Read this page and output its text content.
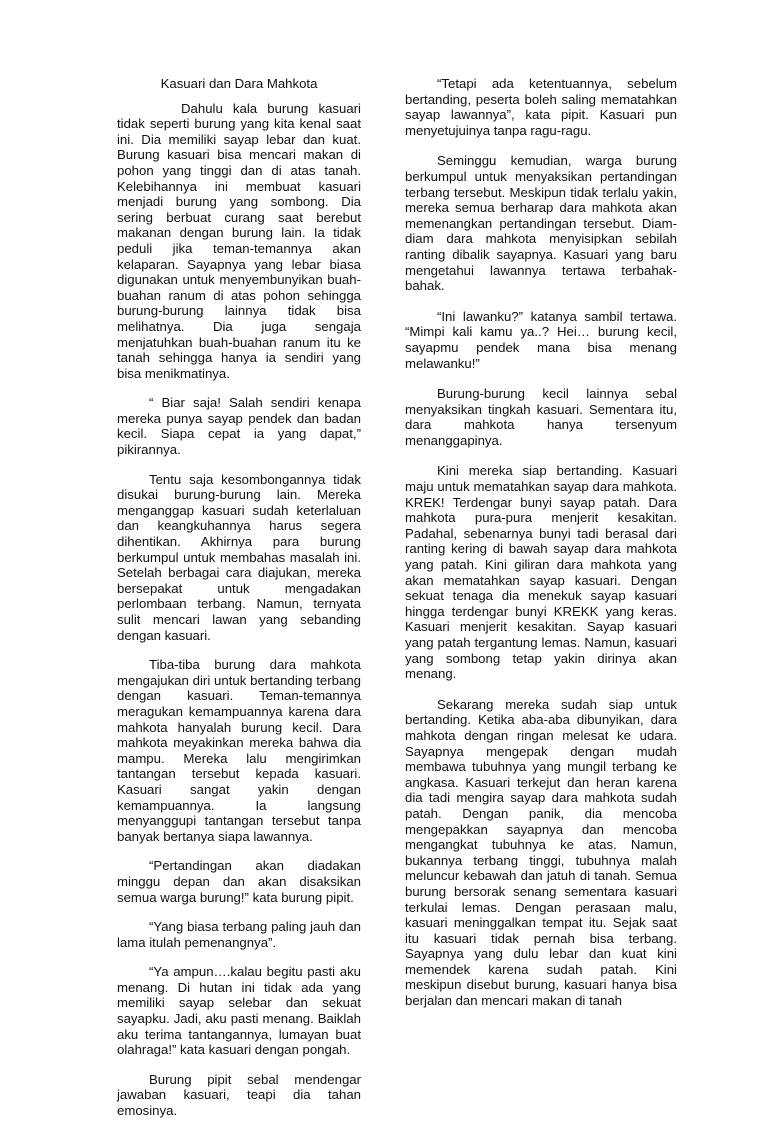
Kasuari dan Dara Mahkota

Dahulu kala burung kasuari tidak seperti burung yang kita kenal saat ini. Dia memiliki sayap lebar dan kuat. Burung kasuari bisa mencari makan di pohon yang tinggi dan di atas tanah. Kelebihannya ini membuat kasuari menjadi burung yang sombong. Dia sering berbuat curang saat berebut makanan dengan burung lain. Ia tidak peduli jika teman-temannya akan kelaparan. Sayapnya yang lebar biasa digunakan untuk menyembunyikan buah-buahan ranum di atas pohon sehingga burung-burung lainnya tidak bisa melihatnya. Dia juga sengaja menjatuhkan buah-buahan ranum itu ke tanah sehingga hanya ia sendiri yang bisa menikmatinya.

“ Biar saja! Salah sendiri kenapa mereka punya sayap pendek dan badan kecil. Siapa cepat ia yang dapat,” pikirannya.

Tentu saja kesombongannya tidak disukai burung-burung lain. Mereka menganggap kasuari sudah keterlaluan dan keangkuhannya harus segera dihentikan. Akhirnya para burung berkumpul untuk membahas masalah ini. Setelah berbagai cara diajukan, mereka bersepakat untuk mengadakan perlombaan terbang. Namun, ternyata sulit mencari lawan yang sebanding dengan kasuari.

Tiba-tiba burung dara mahkota mengajukan diri untuk bertanding terbang dengan kasuari. Teman-temannya meragukan kemampuannya karena dara mahkota hanyalah burung kecil. Dara mahkota meyakinkan mereka bahwa dia mampu. Mereka lalu mengirimkan tantangan tersebut kepada kasuari. Kasuari sangat yakin dengan kemampuannya. Ia langsung menyanggupi tantangan tersebut tanpa banyak bertanya siapa lawannya.

“Pertandingan akan diadakan minggu depan dan akan disaksikan semua warga burung!” kata burung pipit.

“Yang biasa terbang paling jauh dan lama itulah pemenangnya”.

“Ya ampun….kalau begitu pasti aku menang. Di hutan ini tidak ada yang memiliki sayap selebar dan sekuat sayapku. Jadi, aku pasti menang. Baiklah aku terima tantangannya, lumayan buat olahraga!” kata kasuari dengan pongah.

Burung pipit sebal mendengar jawaban kasuari, teapi dia tahan emosinya.

“Tetapi ada ketentuannya, sebelum bertanding, peserta boleh saling mematahkan sayap lawannya”, kata pipit. Kasuari pun menyetujuinya tanpa ragu-ragu.

Seminggu kemudian, warga burung berkumpul untuk menyaksikan pertandingan terbang tersebut. Meskipun tidak terlalu yakin, mereka semua berharap dara mahkota akan memenangkan pertandingan tersebut. Diam-diam dara mahkota menyisipkan sebilah ranting dibalik sayapnya. Kasuari yang baru mengetahui lawannya tertawa terbahak-bahak.

“Ini lawanku?” katanya sambil tertawa. “Mimpi kali kamu ya..? Hei… burung kecil, sayapmu pendek mana bisa menang melawanku!”

Burung-burung kecil lainnya sebal menyaksikan tingkah kasuari. Sementara itu, dara mahkota hanya tersenyum menanggapinya.

Kini mereka siap bertanding. Kasuari maju untuk mematahkan sayap dara mahkota. KREK! Terdengar bunyi sayap patah. Dara mahkota pura-pura menjerit kesakitan. Padahal, sebenarnya bunyi tadi berasal dari ranting kering di bawah sayap dara mahkota yang patah. Kini giliran dara mahkota yang akan mematahkan sayap kasuari. Dengan sekuat tenaga dia menekuk sayap kasuari hingga terdengar bunyi KREKK yang keras. Kasuari menjerit kesakitan. Sayap kasuari yang patah tergantung lemas. Namun, kasuari yang sombong tetap yakin dirinya akan menang.

Sekarang mereka sudah siap untuk bertanding. Ketika aba-aba dibunyikan, dara mahkota dengan ringan melesat ke udara. Sayapnya mengepak dengan mudah membawa tubuhnya yang mungil terbang ke angkasa. Kasuari terkejut dan heran karena dia tadi mengira sayap dara mahkota sudah patah. Dengan panik, dia mencoba mengepakkan sayapnya dan mencoba mengangkat tubuhnya ke atas. Namun, bukannya terbang tinggi, tubuhnya malah meluncur kebawah dan jatuh di tanah. Semua burung bersorak senang sementara kasuari terkulai lemas. Dengan perasaan malu, kasuari meninggalkan tempat itu. Sejak saat itu kasuari tidak pernah bisa terbang. Sayapnya yang dulu lebar dan kuat kini memendek karena sudah patah. Kini meskipun disebut burung, kasuari hanya bisa berjalan dan mencari makan di tanah
